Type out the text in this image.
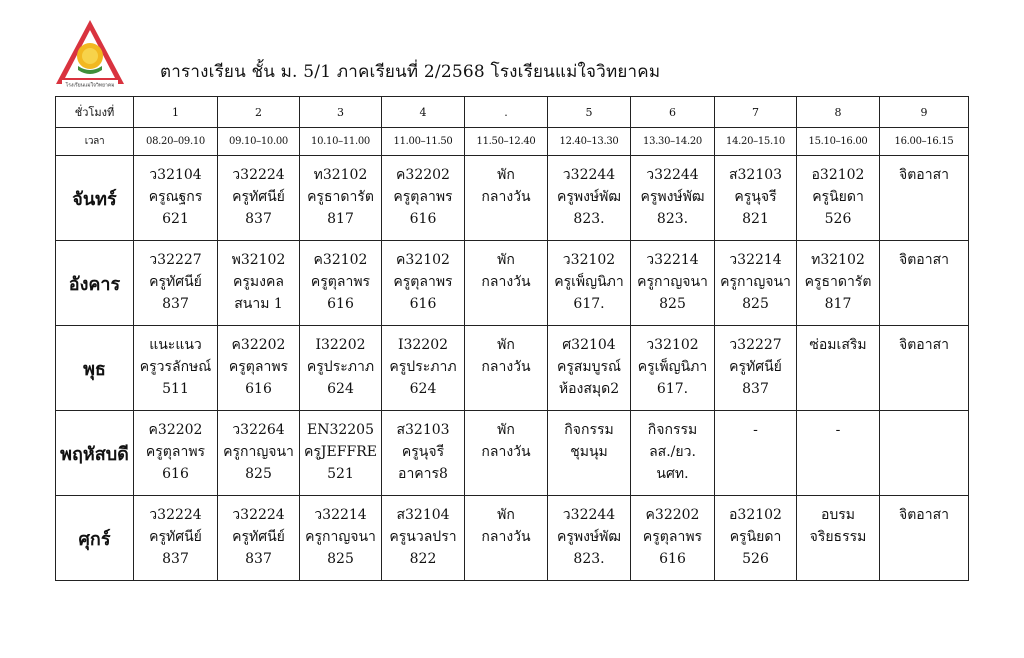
โรงเรียนแม่ใจวิทยาคม
ตารางเรียน ชั้น ม. 5/1 ภาคเรียนที่ 2/2568 โรงเรียนแม่ใจวิทยาคม
ชั่วโมงที่	1	2	3	4	.	5	6	7	8	9
เวลา	08.20–09.10	09.10–10.00	10.10–11.00	11.00–11.50	11.50–12.40	12.40–13.30	13.30–14.20	14.20–15.10	15.10–16.00	16.00–16.15
จันทร์	ว32104
ครูณฐกร
621	ว32224
ครูทัศนีย์
837	ท32102
ครูธาดารัต
817	ค32202
ครูตุลาพร
616	พัก
กลางวัน	ว32244
ครูพงษ์พัฒ
823.	ว32244
ครูพงษ์พัฒ
823.	ส32103
ครูนุจรี
821	อ32102
ครูนิยดา
526	จิตอาสา

อังคาร	ว32227
ครูทัศนีย์
837	พ32102
ครูมงคล
สนาม 1	ค32102
ครูตุลาพร
616	ค32102
ครูตุลาพร
616	พัก
กลางวัน	ว32102
ครูเพ็ญนิภา
617.	ว32214
ครูกาญจนา
825	ว32214
ครูกาญจนา
825	ท32102
ครูธาดารัต
817	จิตอาสา

พุธ	แนะแนว
ครูวรลักษณ์
511	ค32202
ครูตุลาพร
616	I32202
ครูประภาภ
624	I32202
ครูประภาภ
624	พัก
กลางวัน	ศ32104
ครูสมบูรณ์
ห้องสมุด2	ว32102
ครูเพ็ญนิภา
617.	ว32227
ครูทัศนีย์
837	ซ่อมเสริม	จิตอาสา

พฤหัสบดี	ค32202
ครูตุลาพร
616	ว32264
ครูกาญจนา
825	EN32205
ครูJEFFRE
521	ส32103
ครูนุจรี
อาคาร8	พัก
กลางวัน	กิจกรรม
ชุมนุม	กิจกรรม
ลส./ยว.
นศท.	-	-	

ศุกร์	ว32224
ครูทัศนีย์
837	ว32224
ครูทัศนีย์
837	ว32214
ครูกาญจนา
825	ส32104
ครูนวลปรา
822	พัก
กลางวัน	ว32244
ครูพงษ์พัฒ
823.	ค32202
ครูตุลาพร
616	อ32102
ครูนิยดา
526	อบรม
จริยธรรม	จิตอาสา
